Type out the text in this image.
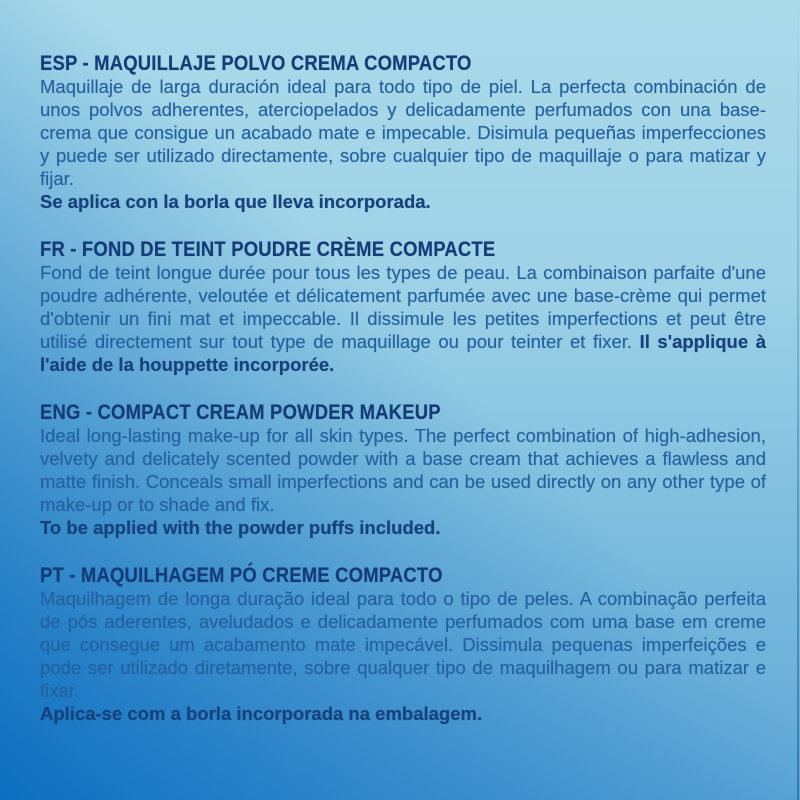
ESP - MAQUILLAJE POLVO CREMA COMPACTO

Maquillaje de larga duración ideal para todo tipo de piel. La perfecta combinación de unos polvos adherentes, aterciopelados y delicadamente perfumados con una base-crema que consigue un acabado mate e impecable. Disimula pequeñas imperfecciones y puede ser utilizado directamente, sobre cualquier tipo de maquillaje o para matizar y fijar.
Se aplica con la borla que lleva incorporada.

FR - FOND DE TEINT POUDRE CRÈME COMPACTE

Fond de teint longue durée pour tous les types de peau. La combinaison parfaite d'une poudre adhérente, veloutée et délicatement parfumée avec une base-crème qui permet d'obtenir un fini mat et impeccable. Il dissimule les petites imperfections et peut être utilisé directement sur tout type de maquillage ou pour teinter et fixer. Il s'applique à l'aide de la houppette incorporée.

ENG - COMPACT CREAM POWDER MAKEUP

Ideal long-lasting make-up for all skin types. The perfect combination of high-adhesion, velvety and delicately scented powder with a base cream that achieves a flawless and matte finish. Conceals small imperfections and can be used directly on any other type of make-up or to shade and fix.
To be applied with the powder puffs included.

PT - MAQUILHAGEM PÓ CREME COMPACTO

Maquilhagem de longa duração ideal para todo o tipo de peles. A combinação perfeita de pós aderentes, aveludados e delicadamente perfumados com uma base em creme que consegue um acabamento mate impecável. Dissimula pequenas imperfeições e pode ser utilizado diretamente, sobre qualquer tipo de maquilhagem ou para matizar e fixar.
Aplica-se com a borla incorporada na embalagem.
